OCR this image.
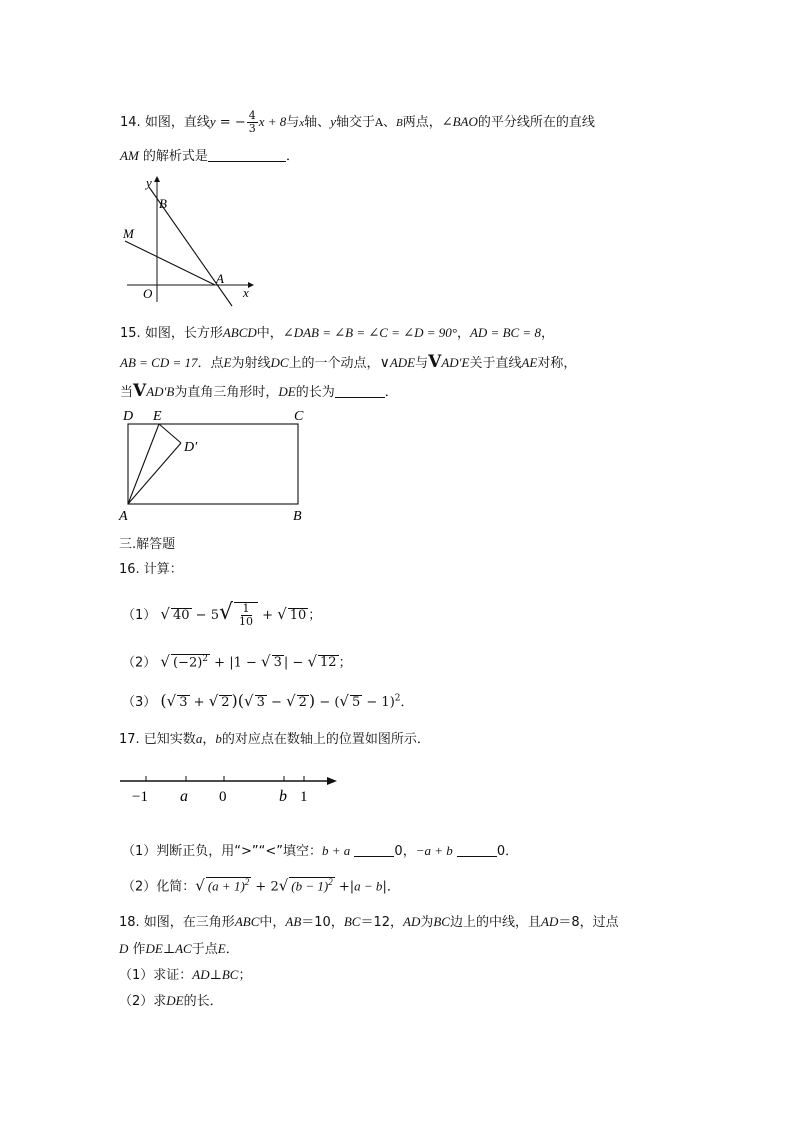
14. 如图，直线y = − $\frac{4}{3}$ x + 8与x轴、y轴交于A、B两点，∠BAO的平分线所在的直线
AM 的解析式是	．
y
B
M
A
O	x
15. 如图，长方形ABCD中，∠DAB = ∠B = ∠C = ∠D = 90°，AD = BC = 8，
AB = CD = 17．点E为射线DC上的一个动点，∨ADE与VAD′E关于直线AE对称，
当VAD′B为直角三角形时，DE的长为	．
D E	C
D′
A	B
三.解答题
16. 计算：
（1） √ $40 - 5√ \frac{1}{10}$ + √ 10 ；
（2） √ $(-2)^2 + |1$ − √ 3 | − √ 12 ；
（3） (√ 3 + √ 2 )(√ 3 − √ 2 ) − (√ 5 − 1)$^2$．
17. 已知实数a，b的对应点在数轴上的位置如图所示．
−1 a 0	b 1
（1）判断正负，用“>”“<”填空：b + a	0，−a + b	0．
（2）化简：√ $(a + 1)^2 + 2√$ $(b - 1)^2 +|a - b|$．
18. 如图，在三角形ABC中，AB＝10，BC＝12，AD为BC边上的中线，且AD＝8，过点
D 作DE⊥AC于点E．
（1）求证：AD⊥BC；
（2）求DE的长．
